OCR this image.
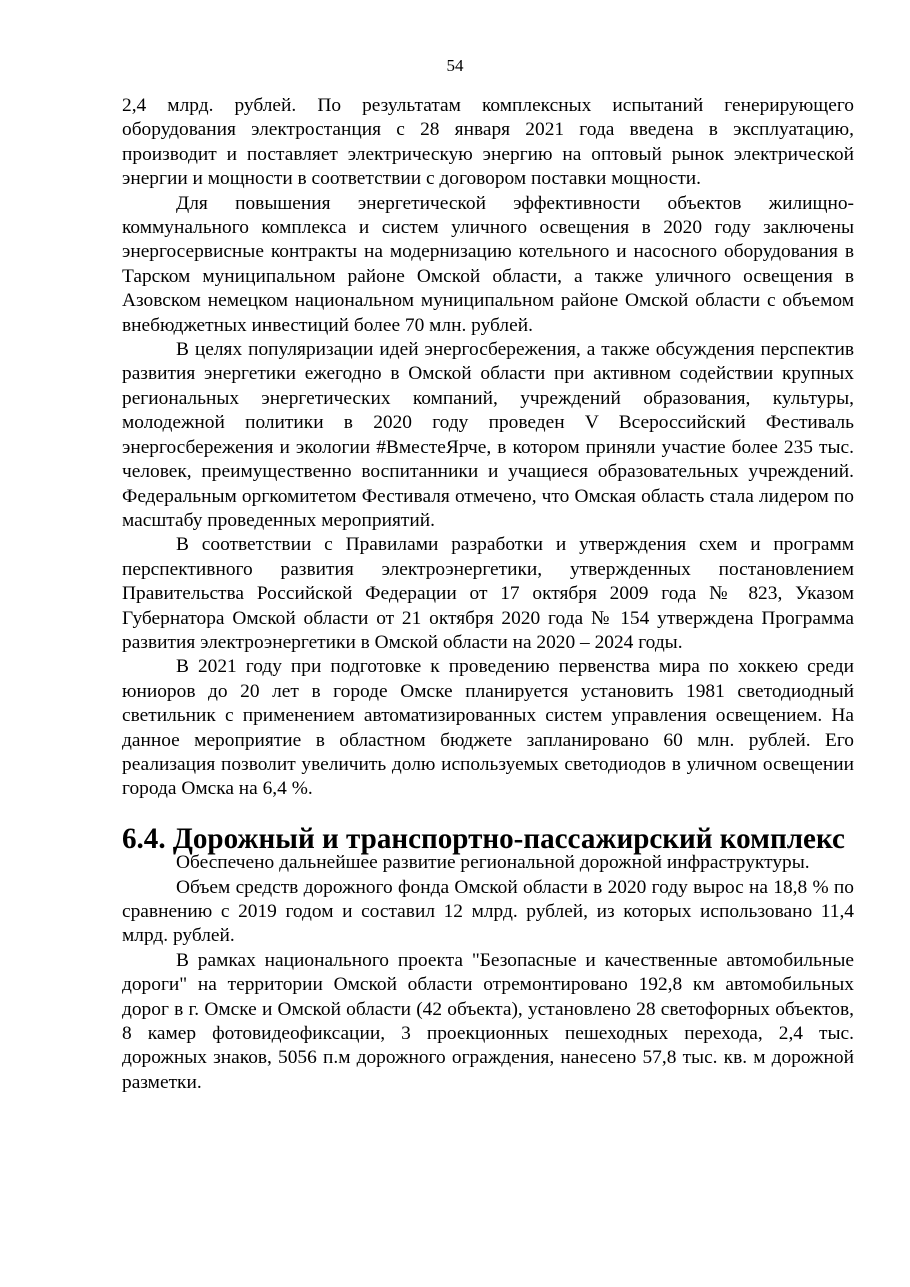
54

2,4 млрд. рублей. По результатам комплексных испытаний генерирующего оборудования электростанция с 28 января 2021 года введена в эксплуатацию, производит и поставляет электрическую энергию на оптовый рынок электрической энергии и мощности в соответствии с договором поставки мощности.

Для повышения энергетической эффективности объектов жилищно-коммунального комплекса и систем уличного освещения в 2020 году заключены энергосервисные контракты на модернизацию котельного и насосного оборудования в Тарском муниципальном районе Омской области, а также уличного освещения в Азовском немецком национальном муниципальном районе Омской области с объемом внебюджетных инвестиций более 70 млн. рублей.

В целях популяризации идей энергосбережения, а также обсуждения перспектив развития энергетики ежегодно в Омской области при активном содействии крупных региональных энергетических компаний, учреждений образования, культуры, молодежной политики в 2020 году проведен V Всероссийский Фестиваль энергосбережения и экологии #ВместеЯрче, в котором приняли участие более 235 тыс. человек, преимущественно воспитанники и учащиеся образовательных учреждений. Федеральным оргкомитетом Фестиваля отмечено, что Омская область стала лидером по масштабу проведенных мероприятий.

В соответствии с Правилами разработки и утверждения схем и программ перспективного развития электроэнергетики, утвержденных постановлением Правительства Российской Федерации от 17 октября 2009 года № 823, Указом Губернатора Омской области от 21 октября 2020 года № 154 утверждена Программа развития электроэнергетики в Омской области на 2020 – 2024 годы.

В 2021 году при подготовке к проведению первенства мира по хоккею среди юниоров до 20 лет в городе Омске планируется установить 1981 светодиодный светильник с применением автоматизированных систем управления освещением. На данное мероприятие в областном бюджете запланировано 60 млн. рублей. Его реализация позволит увеличить долю используемых светодиодов в уличном освещении города Омска на 6,4 %.

6.4. Дорожный и транспортно-пассажирский комплекс

Обеспечено дальнейшее развитие региональной дорожной инфраструктуры.

Объем средств дорожного фонда Омской области в 2020 году вырос на 18,8 % по сравнению с 2019 годом и составил 12 млрд. рублей, из которых использовано 11,4 млрд. рублей.

В рамках национального проекта "Безопасные и качественные автомобильные дороги" на территории Омской области отремонтировано 192,8 км автомобильных дорог в г. Омске и Омской области (42 объекта), установлено 28 светофорных объектов, 8 камер фотовидеофиксации, 3 проекционных пешеходных перехода, 2,4 тыс. дорожных знаков, 5056 п.м дорожного ограждения, нанесено 57,8 тыс. кв. м дорожной разметки.
